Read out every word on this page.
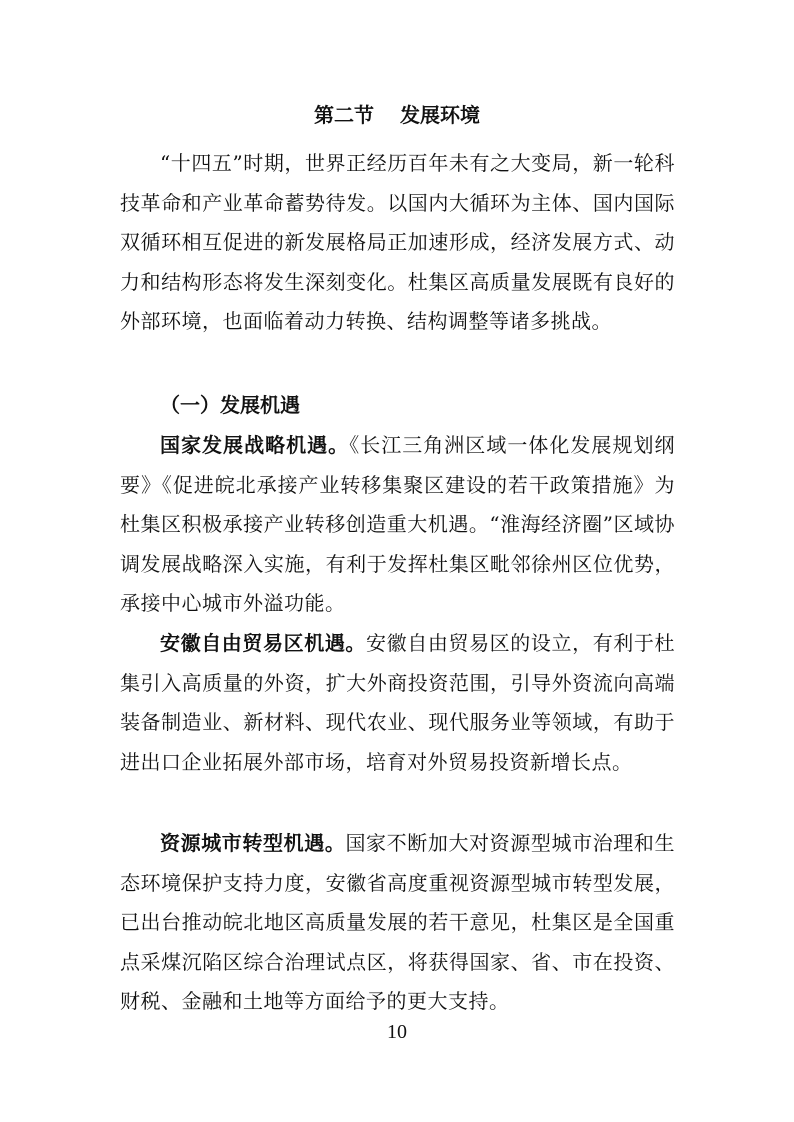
第二节 发展环境

“十四五”时期，世界正经历百年未有之大变局，新一轮科技革命和产业革命蓄势待发。以国内大循环为主体、国内国际双循环相互促进的新发展格局正加速形成，经济发展方式、动力和结构形态将发生深刻变化。杜集区高质量发展既有良好的外部环境，也面临着动力转换、结构调整等诸多挑战。

（一）发展机遇

国家发展战略机遇。《长江三角洲区域一体化发展规划纲要》《促进皖北承接产业转移集聚区建设的若干政策措施》为杜集区积极承接产业转移创造重大机遇。“淮海经济圈”区域协调发展战略深入实施，有利于发挥杜集区毗邻徐州区位优势，承接中心城市外溢功能。

安徽自由贸易区机遇。安徽自由贸易区的设立，有利于杜集引入高质量的外资，扩大外商投资范围，引导外资流向高端装备制造业、新材料、现代农业、现代服务业等领域，有助于进出口企业拓展外部市场，培育对外贸易投资新增长点。

资源城市转型机遇。国家不断加大对资源型城市治理和生态环境保护支持力度，安徽省高度重视资源型城市转型发展，已出台推动皖北地区高质量发展的若干意见，杜集区是全国重点采煤沉陷区综合治理试点区，将获得国家、省、市在投资、财税、金融和土地等方面给予的更大支持。

10
